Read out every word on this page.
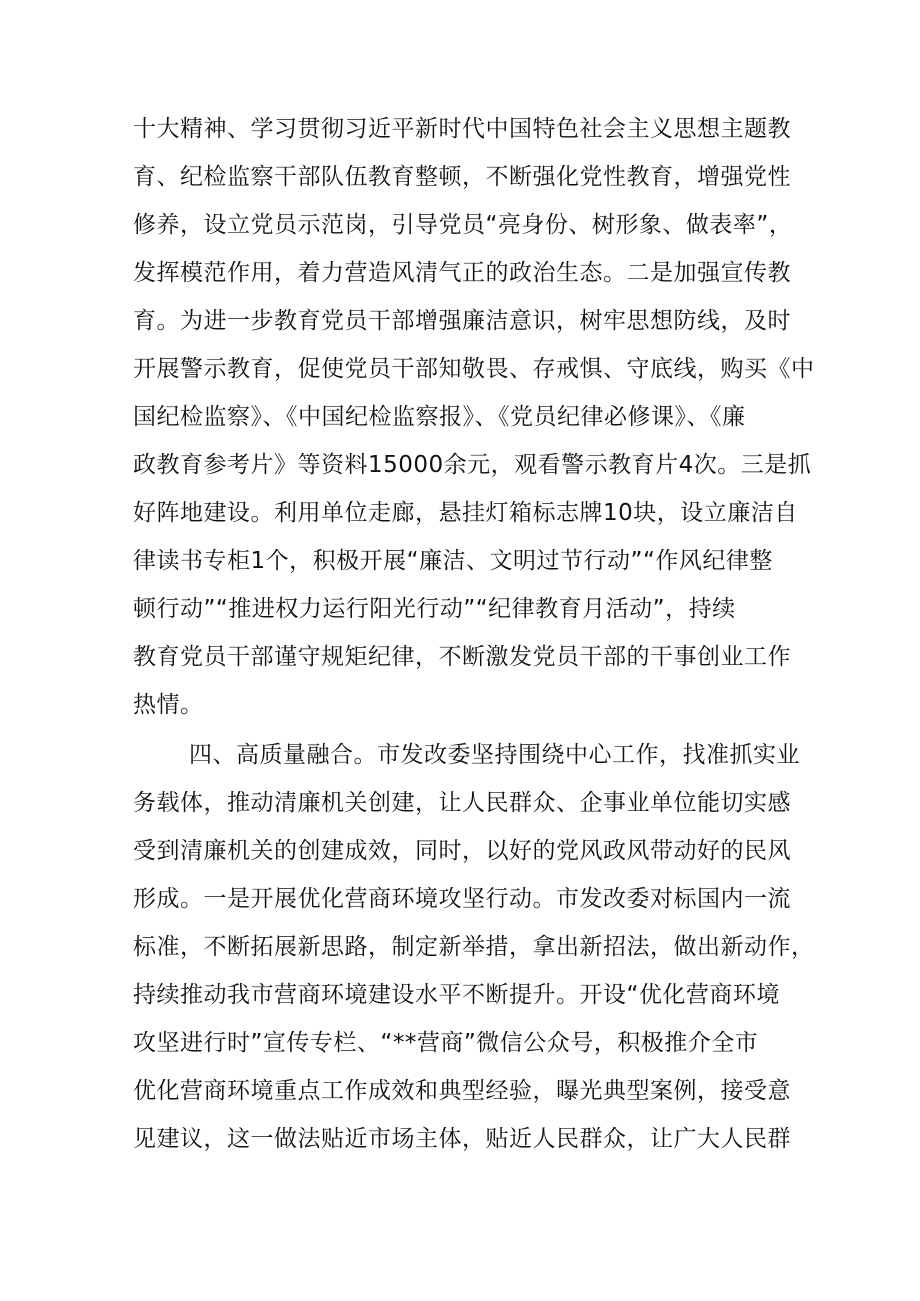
十大精神、学习贯彻习近平新时代中国特色社会主义思想主题教
育、纪检监察干部队伍教育整顿，不断强化党性教育，增强党性
修养，设立党员示范岗，引导党员“亮身份、树形象、做表率”，
发挥模范作用，着力营造风清气正的政治生态。二是加强宣传教
育。为进一步教育党员干部增强廉洁意识，树牢思想防线，及时
开展警示教育，促使党员干部知敬畏、存戒惧、守底线，购买《中
国纪检监察》、《中国纪检监察报》、《党员纪律必修课》、《廉
政教育参考片》等资料15000余元，观看警示教育片4次。三是抓
好阵地建设。利用单位走廊，悬挂灯箱标志牌10块，设立廉洁自
律读书专柜1个，积极开展“廉洁、文明过节行动”“作风纪律整
顿行动”“推进权力运行阳光行动”“纪律教育月活动”，持续
教育党员干部谨守规矩纪律，不断激发党员干部的干事创业工作
热情。
四、高质量融合。市发改委坚持围绕中心工作，找准抓实业
务载体，推动清廉机关创建，让人民群众、企事业单位能切实感
受到清廉机关的创建成效，同时，以好的党风政风带动好的民风
形成。一是开展优化营商环境攻坚行动。市发改委对标国内一流
标准，不断拓展新思路，制定新举措，拿出新招法，做出新动作，
持续推动我市营商环境建设水平不断提升。开设“优化营商环境
攻坚进行时”宣传专栏、“**营商”微信公众号，积极推介全市
优化营商环境重点工作成效和典型经验，曝光典型案例，接受意
见建议，这一做法贴近市场主体，贴近人民群众，让广大人民群
